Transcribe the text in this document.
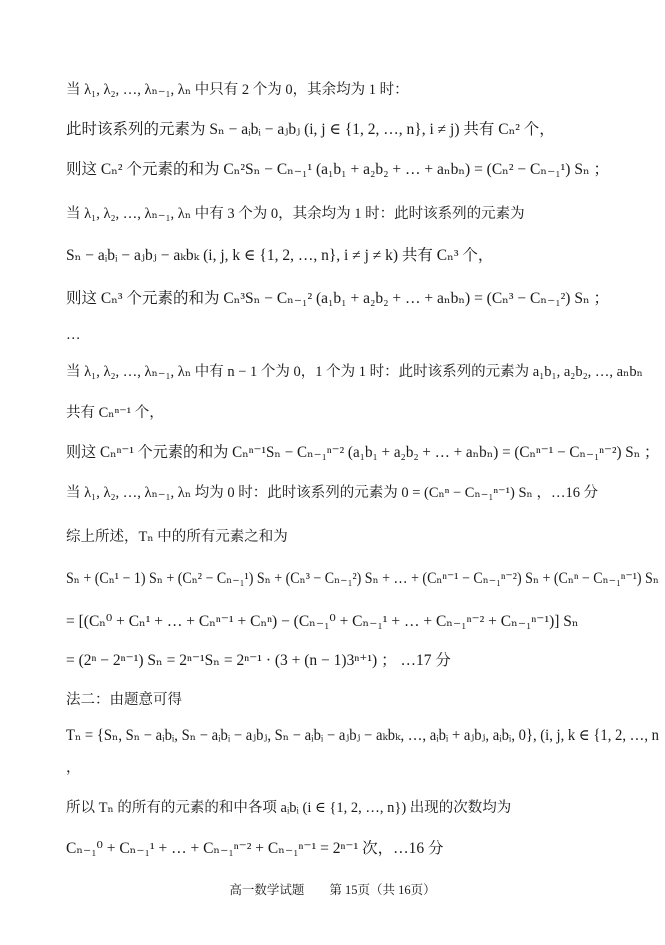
当 λ₁, λ₂, …, λₙ₋₁, λₙ 中只有 2 个为 0，其余均为 1 时：
此时该系列的元素为 Sₙ − aᵢbᵢ − aⱼbⱼ (i, j ∈ {1, 2, …, n}, i ≠ j) 共有 Cₙ² 个，
则这 Cₙ² 个元素的和为 Cₙ²Sₙ − Cₙ₋₁¹ (a₁b₁ + a₂b₂ + … + aₙbₙ) = (Cₙ² − Cₙ₋₁¹) Sₙ ；
当 λ₁, λ₂, …, λₙ₋₁, λₙ 中有 3 个为 0，其余均为 1 时：此时该系列的元素为
Sₙ − aᵢbᵢ − aⱼbⱼ − aₖbₖ (i, j, k ∈ {1, 2, …, n}, i ≠ j ≠ k) 共有 Cₙ³ 个，
则这 Cₙ³ 个元素的和为 Cₙ³Sₙ − Cₙ₋₁² (a₁b₁ + a₂b₂ + … + aₙbₙ) = (Cₙ³ − Cₙ₋₁²) Sₙ ；
…
当 λ₁, λ₂, …, λₙ₋₁, λₙ 中有 n − 1 个为 0，1 个为 1 时：此时该系列的元素为 a₁b₁, a₂b₂, …, aₙbₙ
共有 Cₙⁿ⁻¹ 个，
则这 Cₙⁿ⁻¹ 个元素的和为 Cₙⁿ⁻¹Sₙ − Cₙ₋₁ⁿ⁻² (a₁b₁ + a₂b₂ + … + aₙbₙ) = (Cₙⁿ⁻¹ − Cₙ₋₁ⁿ⁻²) Sₙ ；
当 λ₁, λ₂, …, λₙ₋₁, λₙ 均为 0 时：此时该系列的元素为 0 = (Cₙⁿ − Cₙ₋₁ⁿ⁻¹) Sₙ ，…16 分
综上所述，Tₙ 中的所有元素之和为
Sₙ + (Cₙ¹ − 1) Sₙ + (Cₙ² − Cₙ₋₁¹) Sₙ + (Cₙ³ − Cₙ₋₁²) Sₙ + … + (Cₙⁿ⁻¹ − Cₙ₋₁ⁿ⁻²) Sₙ + (Cₙⁿ − Cₙ₋₁ⁿ⁻¹) Sₙ
= [(Cₙ⁰ + Cₙ¹ + … + Cₙⁿ⁻¹ + Cₙⁿ) − (Cₙ₋₁⁰ + Cₙ₋₁¹ + … + Cₙ₋₁ⁿ⁻² + Cₙ₋₁ⁿ⁻¹)] Sₙ
= (2ⁿ − 2ⁿ⁻¹) Sₙ = 2ⁿ⁻¹Sₙ = 2ⁿ⁻¹ · (3 + (n − 1)3ⁿ⁺¹) ； …17 分
法二：由题意可得
Tₙ = {Sₙ, Sₙ − aᵢbᵢ, Sₙ − aᵢbᵢ − aⱼbⱼ, Sₙ − aᵢbᵢ − aⱼbⱼ − aₖbₖ, …, aᵢbᵢ + aⱼbⱼ, aᵢbᵢ, 0}, (i, j, k ∈ {1, 2, …, n
，
所以 Tₙ 的所有的元素的和中各项 aᵢbᵢ (i ∈ {1, 2, …, n}) 出现的次数均为
Cₙ₋₁⁰ + Cₙ₋₁¹ + … + Cₙ₋₁ⁿ⁻² + Cₙ₋₁ⁿ⁻¹ = 2ⁿ⁻¹ 次，…16 分
高一数学试题　　第 15页（共 16页）
